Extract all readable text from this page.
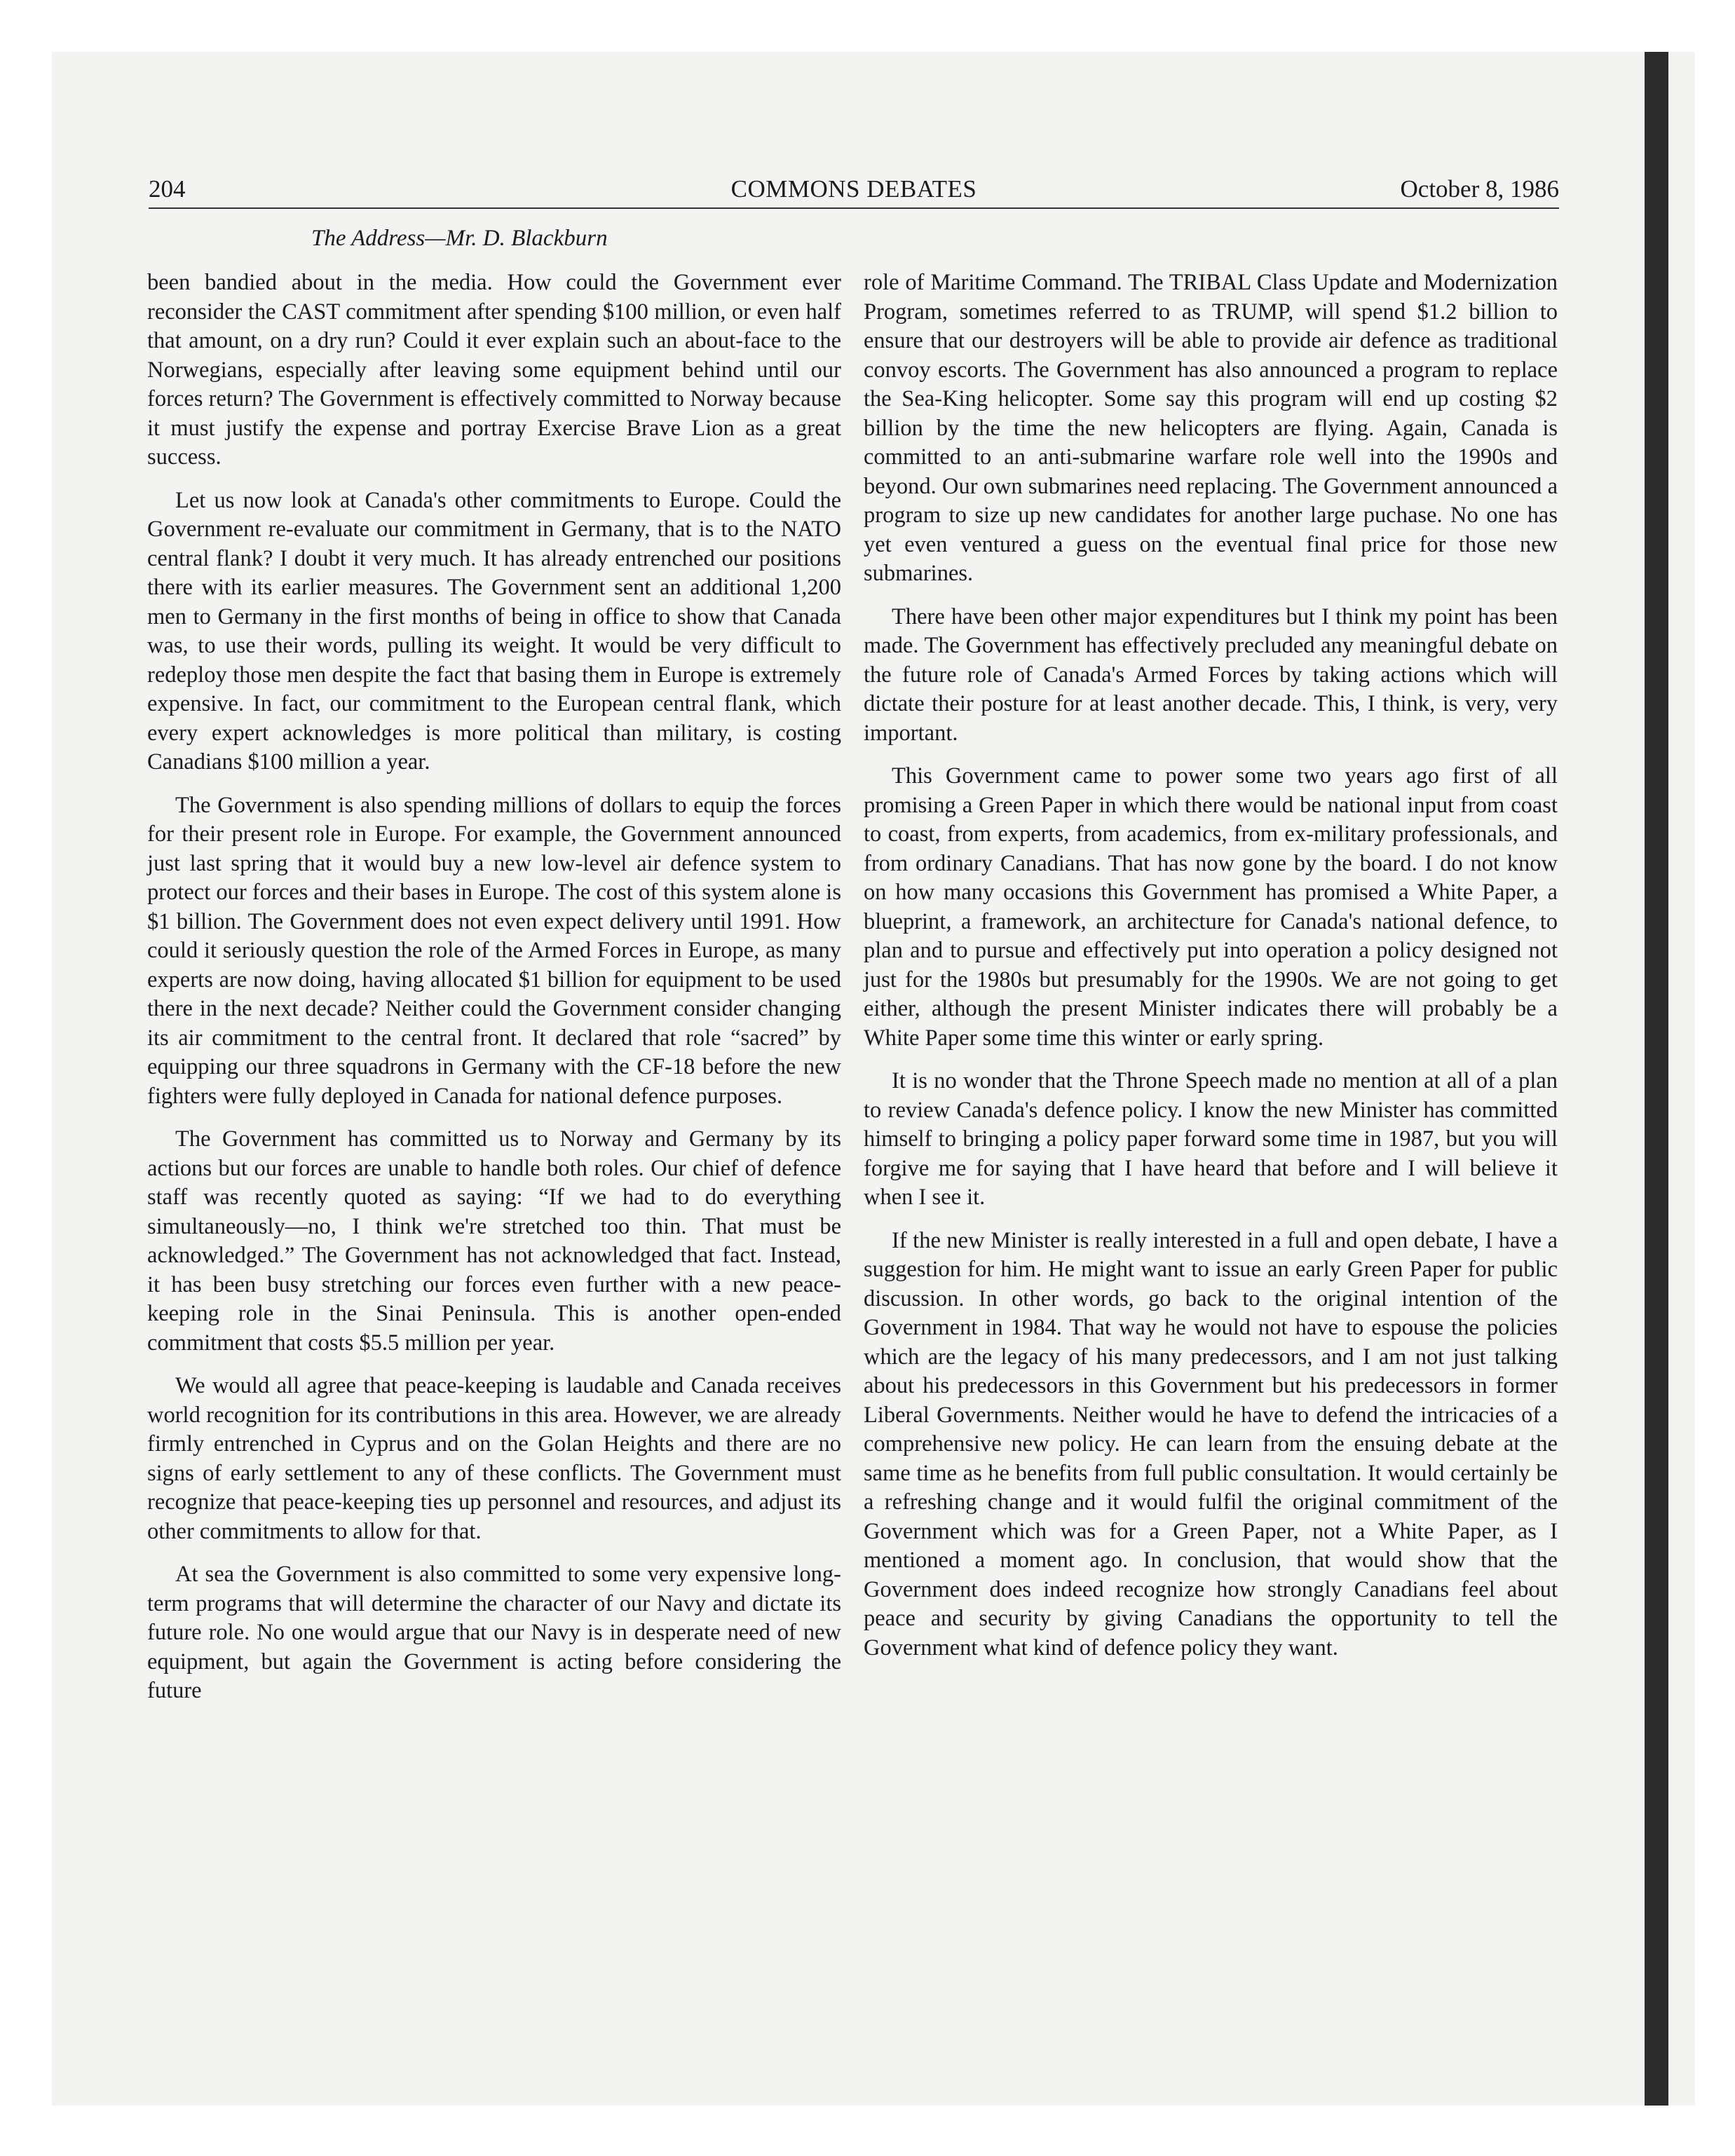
204	COMMONS DEBATES	October 8, 1986
The Address—Mr. D. Blackburn

been bandied about in the media. How could the Government ever reconsider the CAST commitment after spending $100 million, or even half that amount, on a dry run? Could it ever explain such an about-face to the Norwegians, especially after leaving some equipment behind until our forces return? The Government is effectively committed to Norway because it must justify the expense and portray Exercise Brave Lion as a great success.

Let us now look at Canada's other commitments to Europe. Could the Government re-evaluate our commitment in Germany, that is to the NATO central flank? I doubt it very much. It has already entrenched our positions there with its earlier measures. The Government sent an additional 1,200 men to Germany in the first months of being in office to show that Canada was, to use their words, pulling its weight. It would be very difficult to redeploy those men despite the fact that basing them in Europe is extremely expensive. In fact, our commitment to the European central flank, which every expert acknowledges is more political than military, is costing Canadians $100 million a year.

The Government is also spending millions of dollars to equip the forces for their present role in Europe. For example, the Government announced just last spring that it would buy a new low-level air defence system to protect our forces and their bases in Europe. The cost of this system alone is $1 billion. The Government does not even expect delivery until 1991. How could it seriously question the role of the Armed Forces in Europe, as many experts are now doing, having allocated $1 billion for equipment to be used there in the next decade? Neither could the Government consider changing its air commitment to the central front. It declared that role “sacred” by equipping our three squadrons in Germany with the CF-18 before the new fighters were fully deployed in Canada for national defence purposes.

The Government has committed us to Norway and Germany by its actions but our forces are unable to handle both roles. Our chief of defence staff was recently quoted as saying: “If we had to do everything simultaneously—no, I think we're stretched too thin. That must be acknowledged.” The Government has not acknowledged that fact. Instead, it has been busy stretching our forces even further with a new peace-keeping role in the Sinai Peninsula. This is another open-ended commitment that costs $5.5 million per year.

We would all agree that peace-keeping is laudable and Canada receives world recognition for its contributions in this area. However, we are already firmly entrenched in Cyprus and on the Golan Heights and there are no signs of early settlement to any of these conflicts. The Government must recognize that peace-keeping ties up personnel and resources, and adjust its other commitments to allow for that.

At sea the Government is also committed to some very expensive long-term programs that will determine the character of our Navy and dictate its future role. No one would argue that our Navy is in desperate need of new equipment, but again the Government is acting before considering the future

role of Maritime Command. The TRIBAL Class Update and Modernization Program, sometimes referred to as TRUMP, will spend $1.2 billion to ensure that our destroyers will be able to provide air defence as traditional convoy escorts. The Government has also announced a program to replace the Sea-King helicopter. Some say this program will end up costing $2 billion by the time the new helicopters are flying. Again, Canada is committed to an anti-submarine warfare role well into the 1990s and beyond. Our own submarines need replacing. The Government announced a program to size up new candidates for another large puchase. No one has yet even ventured a guess on the eventual final price for those new submarines.

There have been other major expenditures but I think my point has been made. The Government has effectively precluded any meaningful debate on the future role of Canada's Armed Forces by taking actions which will dictate their posture for at least another decade. This, I think, is very, very important.

This Government came to power some two years ago first of all promising a Green Paper in which there would be national input from coast to coast, from experts, from academics, from ex-military professionals, and from ordinary Canadians. That has now gone by the board. I do not know on how many occasions this Government has promised a White Paper, a blueprint, a framework, an architecture for Canada's national defence, to plan and to pursue and effectively put into operation a policy designed not just for the 1980s but presumably for the 1990s. We are not going to get either, although the present Minister indicates there will probably be a White Paper some time this winter or early spring.

It is no wonder that the Throne Speech made no mention at all of a plan to review Canada's defence policy. I know the new Minister has committed himself to bringing a policy paper forward some time in 1987, but you will forgive me for saying that I have heard that before and I will believe it when I see it.

If the new Minister is really interested in a full and open debate, I have a suggestion for him. He might want to issue an early Green Paper for public discussion. In other words, go back to the original intention of the Government in 1984. That way he would not have to espouse the policies which are the legacy of his many predecessors, and I am not just talking about his predecessors in this Government but his predecessors in former Liberal Governments. Neither would he have to defend the intricacies of a comprehensive new policy. He can learn from the ensuing debate at the same time as he benefits from full public consultation. It would certainly be a refreshing change and it would fulfil the original commitment of the Government which was for a Green Paper, not a White Paper, as I mentioned a moment ago. In conclusion, that would show that the Government does indeed recognize how strongly Canadians feel about peace and security by giving Canadians the opportunity to tell the Government what kind of defence policy they want.
